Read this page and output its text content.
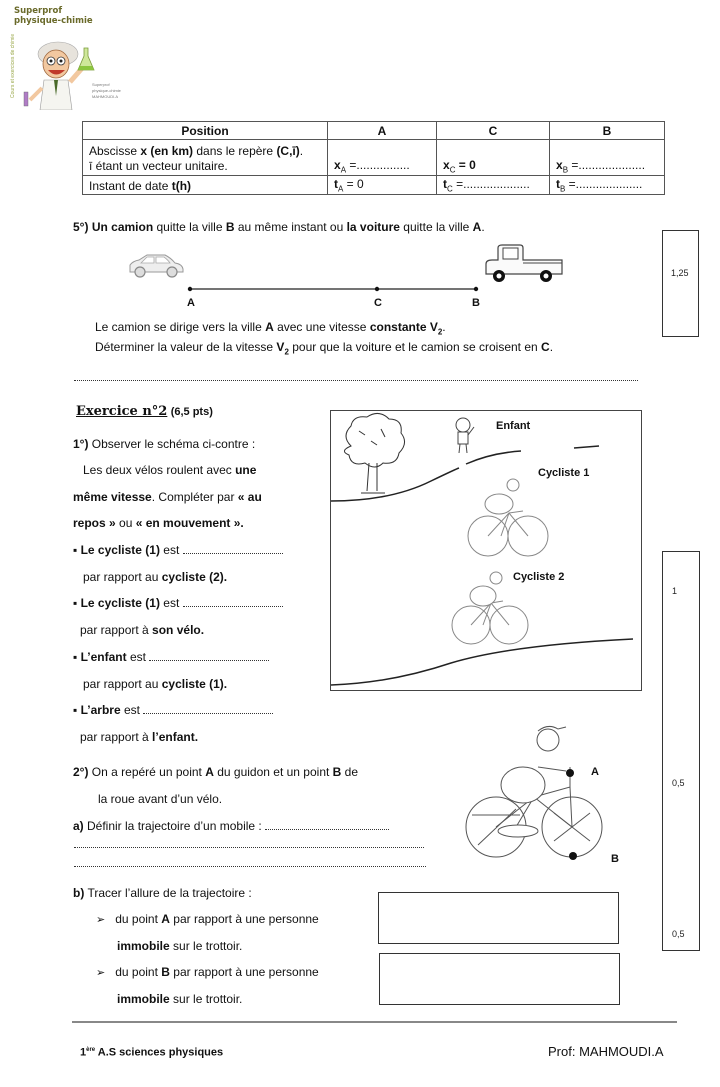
Superprof
physique-chimie
Cours et exercices de chimie	Superprof
physique-chimie
MAHMOUDI.A
Position	A	C	B
Abscisse x (en km) dans le repère (C,ī).
ī étant un vecteur unitaire.	$x_A$ =................	$x_C = 0$	$x_B$ =....................
Instant de date t(h)	$t_A = 0$	$t_C$ =....................	$t_B$ =....................
5°) Un camion quitte la ville B au même instant ou la voiture quitte la ville A.
A	C	B
Le camion se dirige vers la ville A avec une vitesse constante $V_2$.
Déterminer la valeur de la vitesse $V_2$ pour que la voiture et le camion se croisent en C.
1,25
Exercice n°2 (6,5 pts)
1°) Observer le schéma ci-contre :
Les deux vélos roulent avec une
même vitesse. Compléter par « au
repos » ou « en mouvement ».
▪ Le cycliste (1) est
par rapport au cycliste (2).
▪ Le cycliste (1) est
par rapport à son vélo.
▪ L’enfant est
par rapport au cycliste (1).
▪ L’arbre est
par rapport à l’enfant.
Enfant
Cycliste 1
Cycliste 2
2°) On a repéré un point A du guidon et un point B de
la roue avant d’un vélo.
a) Définir la trajectoire d’un mobile :
A
B
b) Tracer l’allure de la trajectoire :
➢ du point A par rapport à une personne
immobile sur le trottoir.
➢ du point B par rapport à une personne
immobile sur le trottoir.
1
0,5
0,5
1ère A.S sciences physiques	Prof: MAHMOUDI.A
